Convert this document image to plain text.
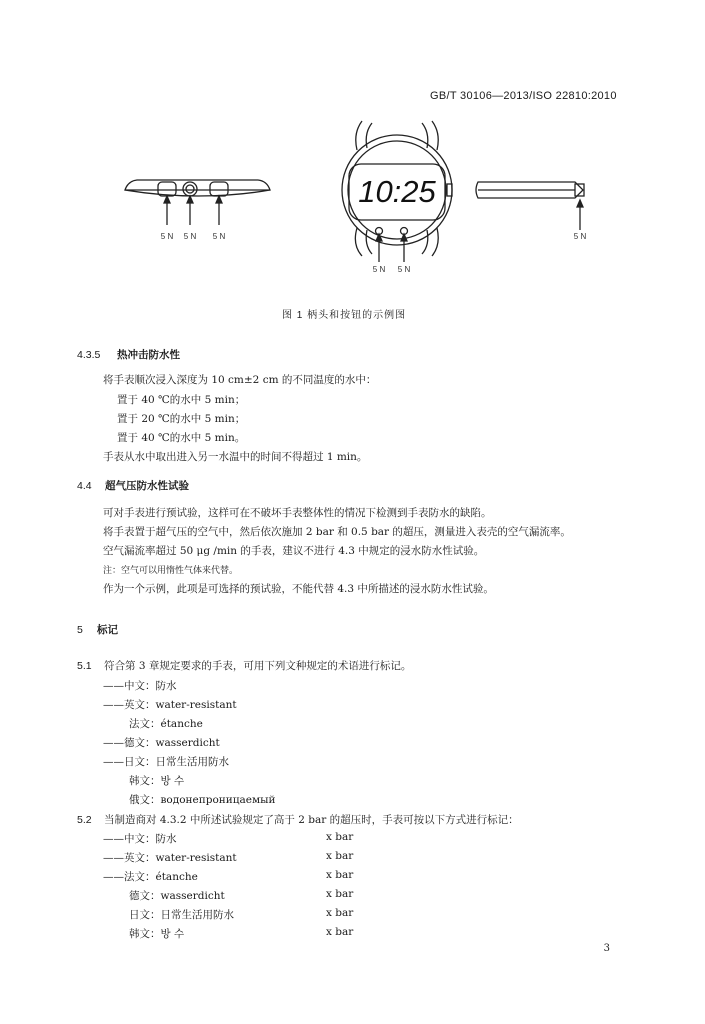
GB/T 30106—2013/ISO 22810:2010
10:25
5 N 5 N 5 N
5 N 5 N
5 N
图 1 柄头和按钮的示例图
4.3.5 热冲击防水性
将手表顺次浸入深度为 10 cm±2 cm 的不同温度的水中：
置于 40 ℃的水中 5 min；
置于 20 ℃的水中 5 min；
置于 40 ℃的水中 5 min。
手表从水中取出进入另一水温中的时间不得超过 1 min。
4.4 超气压防水性试验
可对手表进行预试验，这样可在不破坏手表整体性的情况下检测到手表防水的缺陷。
将手表置于超气压的空气中，然后依次施加 2 bar 和 0.5 bar 的超压，测量进入表壳的空气漏流率。
空气漏流率超过 50 μg /min 的手表，建议不进行 4.3 中规定的浸水防水性试验。
注：空气可以用惰性气体来代替。
作为一个示例，此项是可选择的预试验，不能代替 4.3 中所描述的浸水防水性试验。
5 标记
5.1 符合第 3 章规定要求的手表，可用下列文种规定的术语进行标记。
——中文：防水
——英文：water-resistant
法文：étanche
——德文：wasserdicht
——日文：日常生活用防水
韩文：방 수
俄文：водонепроницаемый
5.2 当制造商对 4.3.2 中所述试验规定了高于 2 bar 的超压时，手表可按以下方式进行标记：
——中文：防水
——英文：water-resistant
——法文：étanche
德文：wasserdicht
日文：日常生活用防水
韩文：방 수
x bar
x bar
x bar
x bar
x bar
x bar
3
